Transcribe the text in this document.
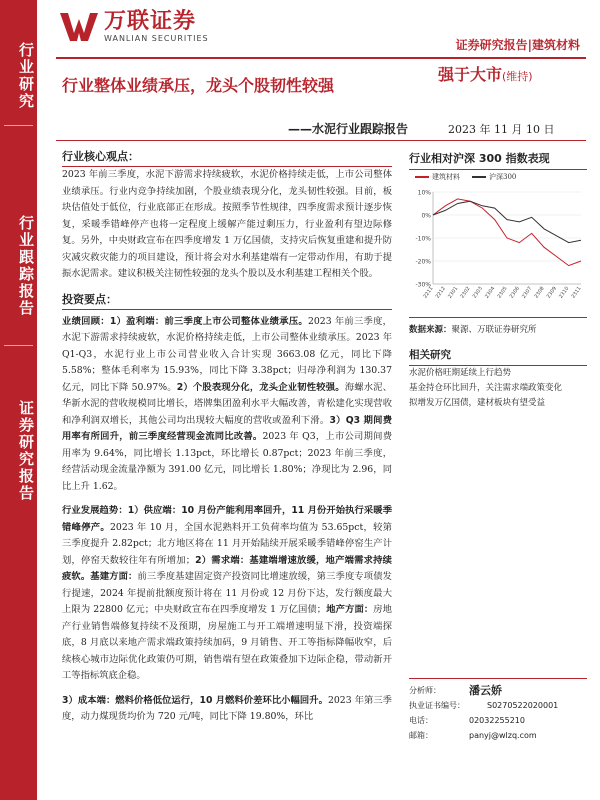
行业研究
行业跟踪报告
证券研究报告
万联证券
WANLIAN SECURITIES	证券研究报告|建筑材料
行业整体业绩承压，龙头个股韧性较强
——水泥行业跟踪报告
强于大市(维持)
2023 年 11 月 10 日
行业核心观点：
2023 年前三季度，水泥下游需求持续疲软，水泥价格持续走低，上市公司整体业绩承压。行业内竞争持续加剧，个股业绩表现分化，龙头韧性较强。目前，板块估值处于低位，行业底部正在形成。按照季节性规律，四季度需求预计逐步恢复，采暖季错峰停产也将一定程度上缓解产能过剩压力，行业盈利有望边际修复。另外，中央财政宣布在四季度增发 1 万亿国债，支持灾后恢复重建和提升防灾减灾救灾能力的项目建设，预计将会对水利基建端有一定带动作用，有助于提振水泥需求。建议积极关注韧性较强的龙头个股以及水利基建工程相关个股。
投资要点：
业绩回顾：1）盈利端：前三季度上市公司整体业绩承压。2023 年前三季度，水泥下游需求持续疲软，水泥价格持续走低，上市公司整体业绩承压。2023 年 Q1-Q3，水泥行业上市公司营业收入合计实现 3663.08 亿元，同比下降 5.58%；整体毛利率为 15.93%，同比下降 3.38pct；归母净利润为 130.37 亿元，同比下降 50.97%。2）个股表现分化，龙头企业韧性较强。海螺水泥、华新水泥的营收规模同比增长，塔牌集团盈利水平大幅改善，青松建化实现营收和净利润双增长，其他公司均出现较大幅度的营收或盈利下滑。3）Q3 期间费用率有所回升，前三季度经营现金流同比改善。2023 年 Q3，上市公司期间费用率为 9.64%，同比增长 1.13pct，环比增长 0.87pct；2023 年前三季度，经营活动现金流量净额为 391.00 亿元，同比增长 1.80%；净现比为 2.96，同比上升 1.62。
行业发展趋势：1）供应端：10 月份产能利用率回升，11 月份开始执行采暖季错峰停产。2023 年 10 月，全国水泥熟料开工负荷率均值为 53.65pct，较第三季度提升 2.82pct；北方地区将在 11 月开始陆续开展采暖季错峰停窑生产计划，停窑天数较往年有所增加；2）需求端：基建端增速放缓，地产端需求持续疲软。基建方面：前三季度基建固定资产投资同比增速放缓，第三季度专项债发行提速，2024 年提前批额度预计将在 11 月份或 12 月份下达，发行额度最大上限为 22800 亿元；中央财政宣布在四季度增发 1 万亿国债；地产方面：房地产行业销售端修复持续不及预期，房屋施工与开工端增速明显下滑，投资端探底，8 月底以来地产需求端政策持续加码，9 月销售、开工等指标降幅收窄，后续核心城市边际优化政策仍可期，销售端有望在政策叠加下边际企稳，带动新开工等指标筑底企稳。
3）成本端：燃料价格低位运行，10 月燃料价差环比小幅回升。2023 年第三季度，动力煤现货均价为 720 元/吨，同比下降 19.80%，环比
行业相对沪深 300 指数表现
建筑材料	沪深300
10%
0%
-10%
-20%
-30%
2211 2212 2301 2302 2303 2304 2305 2306 2307 2308 2309 2310 2311
数据来源：聚源、万联证券研究所
相关研究
水泥价格旺期延续上行趋势
基金持仓环比回升，关注需求端政策变化
拟增发万亿国债，建材板块有望受益
分析师：	潘云娇
执业证书编号：	S0270522020001
电话：	02032255210
邮箱：	panyj@wlzq.com
